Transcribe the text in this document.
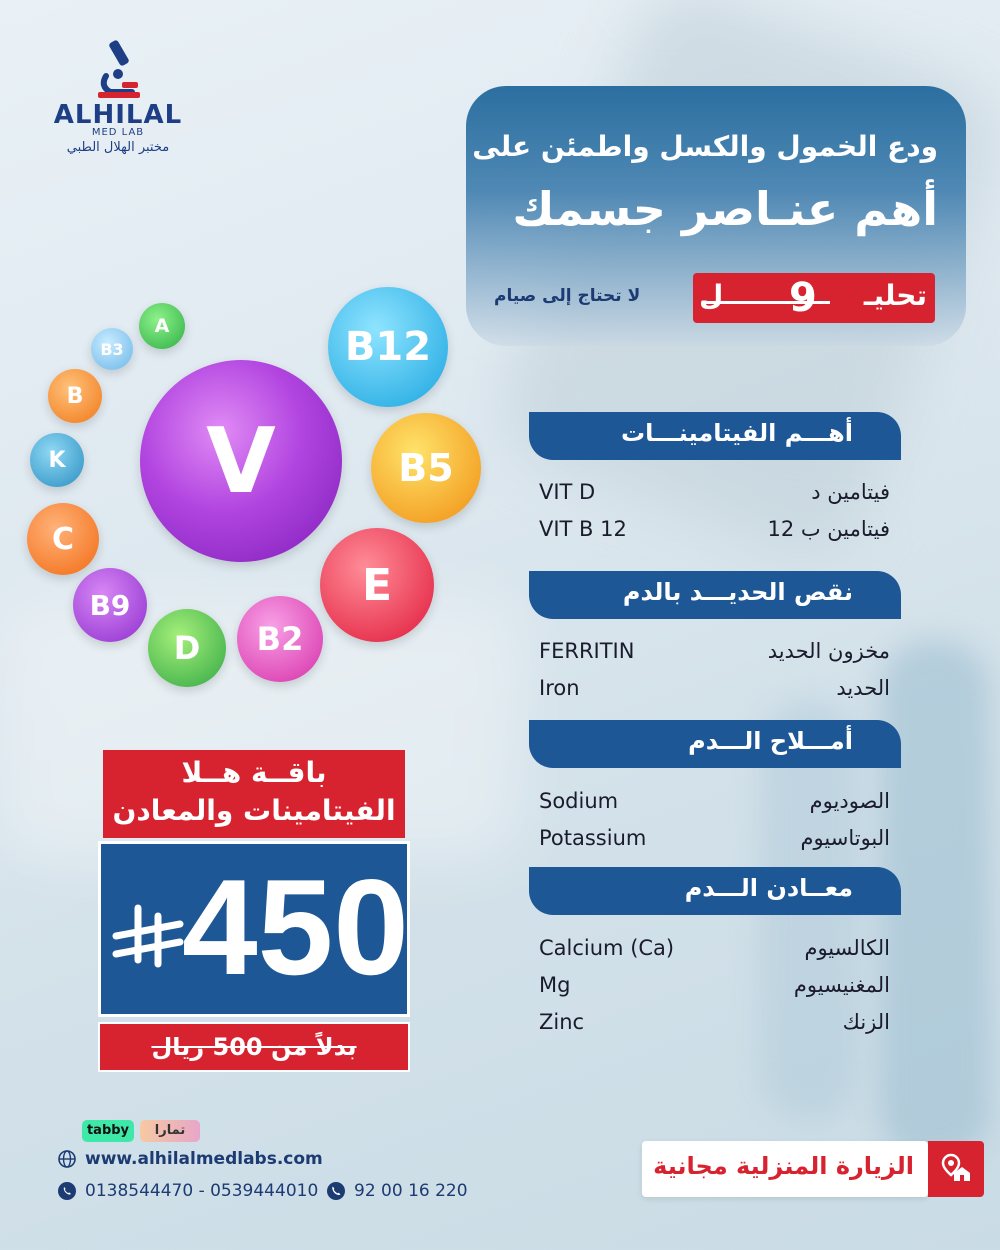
ALHILAL
MED LAB
مختبر الهلال الطبي	ودع الخمول والكسل واطمئن على
أهم عنـاصر جسمك
9 تحليـ
ل
لا تحتاج إلى صيام
V
A
B3
B
K
C
B9
D	B2
E
B5
B12
أهـــم الفيتامينـــات
VIT D	فيتامين د
VIT B 12	فيتامين ب 12
نقص الحديـــد بالدم
FERRITIN	مخزون الحديد
Iron	الحديد
أمـــلاح الـــدم
Sodium	الصوديوم
Potassium	البوتاسيوم
معــادن الـــدم
Calcium (Ca)	الكالسيوم
Mg	المغنيسيوم
Zinc	الزنك
باقــة هــلا
الفيتامينات والمعادن
450
بدلاً من 500 ريال
tabby	تمارا
www.alhilalmedlabs.com
0138544470 - 0539444010 92 00 16 220
الزيارة المنزلية مجانية
